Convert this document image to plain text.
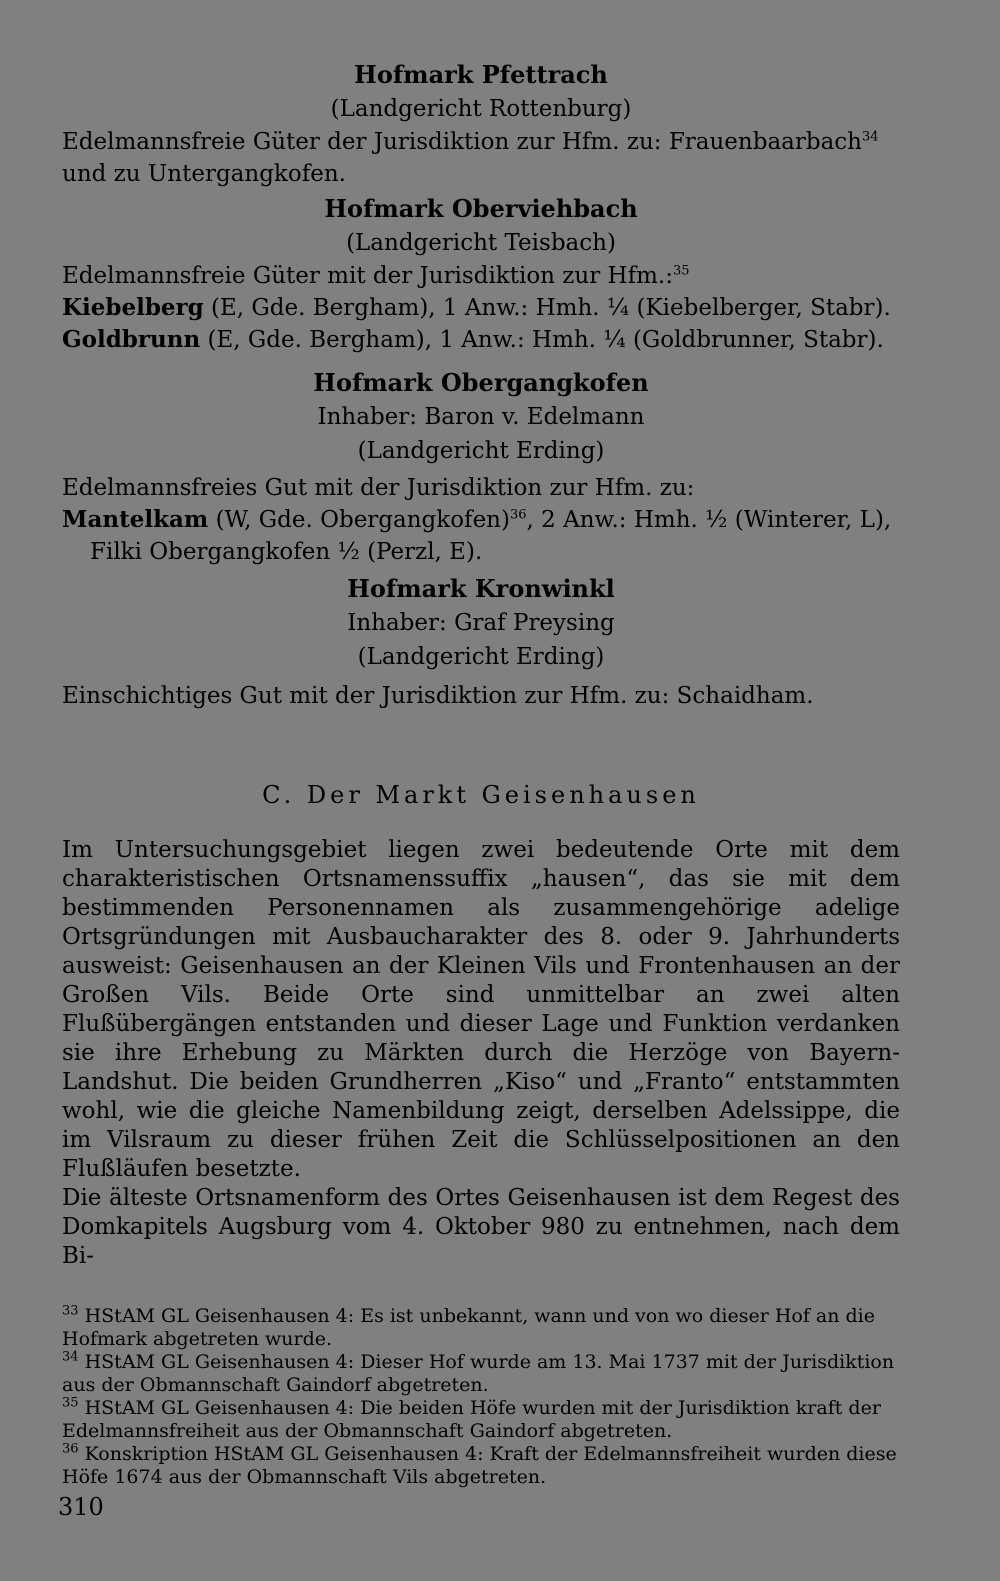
Hofmark Pfettrach
(Landgericht Rottenburg)

Edelmannsfreie Güter der Jurisdiktion zur Hfm. zu: Frauenbaarbach$^{34}$ und zu Untergangkofen.

Hofmark Oberviehbach
(Landgericht Teisbach)

Edelmannsfreie Güter mit der Jurisdiktion zur Hfm.:$^{35}$

Kiebelberg (E, Gde. Bergham), 1 Anw.: Hmh. ¼ (Kiebelberger, Stabr).

Goldbrunn (E, Gde. Bergham), 1 Anw.: Hmh. ¼ (Goldbrunner, Stabr).

Hofmark Obergangkofen
Inhaber: Baron v. Edelmann
(Landgericht Erding)

Edelmannsfreies Gut mit der Jurisdiktion zur Hfm. zu:

Mantelkam (W, Gde. Obergangkofen)$^{36}$, 2 Anw.: Hmh. ½ (Winterer, L), Filki Obergangkofen ½ (Perzl, E).

Hofmark Kronwinkl
Inhaber: Graf Preysing
(Landgericht Erding)

Einschichtiges Gut mit der Jurisdiktion zur Hfm. zu: Schaidham.

C. Der Markt Geisenhausen

Im Untersuchungsgebiet liegen zwei bedeutende Orte mit dem charakteristischen Ortsnamenssuffix „hausen“, das sie mit dem bestimmenden Personennamen als zusammengehörige adelige Ortsgründungen mit Ausbaucharakter des 8. oder 9. Jahrhunderts ausweist: Geisenhausen an der Kleinen Vils und Frontenhausen an der Großen Vils. Beide Orte sind unmittelbar an zwei alten Flußübergängen entstanden und dieser Lage und Funktion verdanken sie ihre Erhebung zu Märkten durch die Herzöge von Bayern-Landshut. Die beiden Grundherren „Kiso“ und „Franto“ entstammten wohl, wie die gleiche Namenbildung zeigt, derselben Adelssippe, die im Vilsraum zu dieser frühen Zeit die Schlüsselpositionen an den Flußläufen besetzte.

Die älteste Ortsnamenform des Ortes Geisenhausen ist dem Regest des Domkapitels Augsburg vom 4. Oktober 980 zu entnehmen, nach dem Bi-

$^{33}$ HStAM GL Geisenhausen 4: Es ist unbekannt, wann und von wo dieser Hof an die Hofmark abgetreten wurde.

$^{34}$ HStAM GL Geisenhausen 4: Dieser Hof wurde am 13. Mai 1737 mit der Jurisdiktion aus der Obmannschaft Gaindorf abgetreten.

$^{35}$ HStAM GL Geisenhausen 4: Die beiden Höfe wurden mit der Jurisdiktion kraft der Edelmannsfreiheit aus der Obmannschaft Gaindorf abgetreten.

$^{36}$ Konskription HStAM GL Geisenhausen 4: Kraft der Edelmannsfreiheit wurden diese Höfe 1674 aus der Obmannschaft Vils abgetreten.

310
